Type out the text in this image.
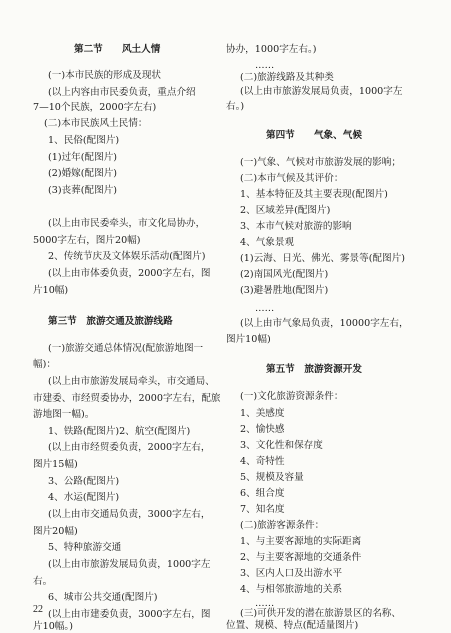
第二节　　风土人情
(一)本市民族的形成及现状
(以上内容由市民委负责，重点介绍
7—10个民族，2000字左右)
(二)本市民族风土民情：
1、民俗(配图片)
(1)过年(配图片)
(2)婚嫁(配图片)
(3)丧葬(配图片)
(以上由市民委牵头，市文化局协办，
5000字左右，图片20幅)
2、传统节庆及文体娱乐活动(配图片)
(以上由市体委负责，2000字左右，图
片10幅)
第三节　旅游交通及旅游线路
(一)旅游交通总体情况(配旅游地图一
幅)：
(以上由市旅游发展局牵头，市交通局、
市建委、市经贸委协办，2000字左右，配旅
游地图一幅)。
1、铁路(配图片)2、航空(配图片)
(以上由市经贸委负责，2000字左右，
图片15幅)
3、公路(配图片)
4、水运(配图片)
(以上由市交通局负责，3000字左右，
图片20幅)
5、特种旅游交通
(以上由市旅游发展局负责，1000字左
右。
6、城市公共交通(配图片)
(以上由市建委负责，3000字左右，图
片10幅。)
协办，1000字左右。)
……
(二)旅游线路及其种类
(以上由市旅游发展局负责，1000字左
右。)
第四节　　气象、气候
(一)气象、气候对市旅游发展的影响；
(二)本市气候及其评价：
1、基本特征及其主要表现(配图片)
2、区域差异(配图片)
3、本市气候对旅游的影响
4、气象景观
(1)云海、日光、佛光、雾景等(配图片)
(2)南国风光(配图片)
(3)避暑胜地(配图片)
……
(以上由市气象局负责，10000字左右，
图片10幅)
第五节　旅游资源开发
(一)文化旅游资源条件：
1、美感度
2、愉快感
3、文化性和保存度
4、奇特性
5、规模及容量
6、组合度
7、知名度
(二)旅游客源条件：
1、与主要客源地的实际距离
2、与主要客源地的交通条件
3、区内人口及出游水平
4、与相邻旅游地的关系
……
(三)可供开发的潜在旅游景区的名称、
位置、规模、特点(配适量图片)
22
